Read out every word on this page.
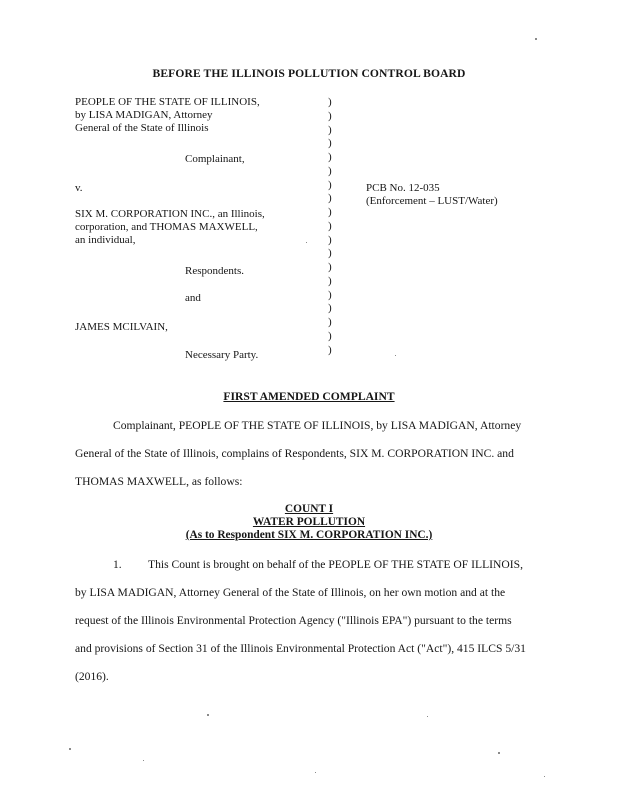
BEFORE THE ILLINOIS POLLUTION CONTROL BOARD
PEOPLE OF THE STATE OF ILLINOIS,
by LISA MADIGAN, Attorney
General of the State of Illinois
Complainant,
v.
SIX M. CORPORATION INC., an Illinois,
corporation, and THOMAS MAXWELL,
an individual,
Respondents.
and
JAMES MCILVAIN,
Necessary Party.
)
)
)
)
)
)
)
)
)
)
)
)
)
)
)
)
)
)
)
PCB No. 12-035
(Enforcement – LUST/Water)
FIRST AMENDED COMPLAINT
Complainant, PEOPLE OF THE STATE OF ILLINOIS, by LISA MADIGAN, Attorney
General of the State of Illinois, complains of Respondents, SIX M. CORPORATION INC. and
THOMAS MAXWELL, as follows:
COUNT I
WATER POLLUTION
(As to Respondent SIX M. CORPORATION INC.)
1. This Count is brought on behalf of the PEOPLE OF THE STATE OF ILLINOIS,
by LISA MADIGAN, Attorney General of the State of Illinois, on her own motion and at the
request of the Illinois Environmental Protection Agency ("Illinois EPA") pursuant to the terms
and provisions of Section 31 of the Illinois Environmental Protection Act ("Act"), 415 ILCS 5/31
(2016).
